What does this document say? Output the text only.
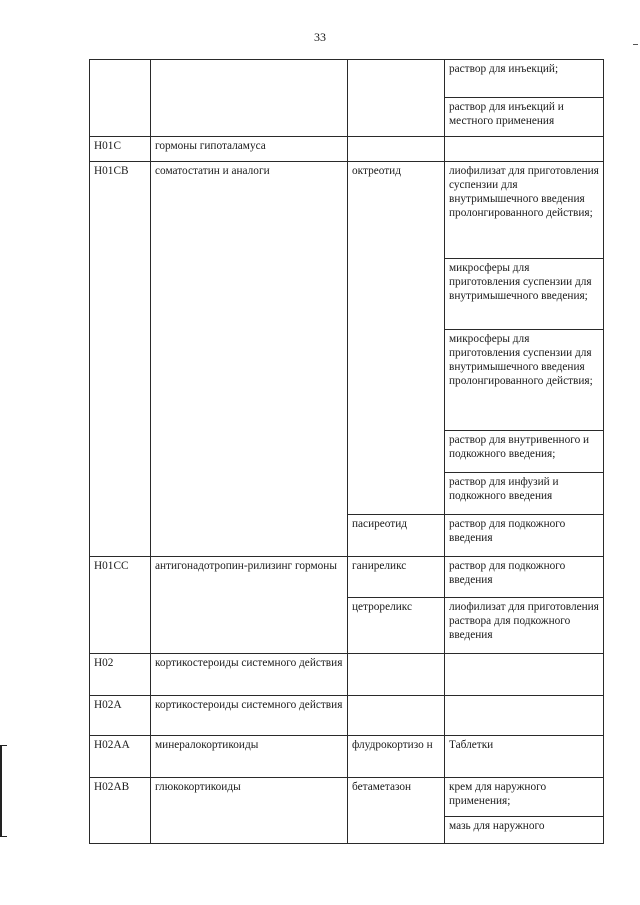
33
			раствор для инъекций;
			раствор для инъекций и местного применения
H01C	гормоны гипоталамуса		
H01CB	соматостатин и аналоги	октреотид	лиофилизат для приготовления суспензии для внутримышечного введения пролонгированного действия;
			микросферы для приготовления суспензии для внутримышечного введения;
			микросферы для приготовления суспензии для внутримышечного введения пролонгированного действия;
			раствор для внутривенного и подкожного введения;
			раствор для инфузий и подкожного введения
		пасиреотид	раствор для подкожного введения
H01CC	антигонадотропин-рилизинг гормоны	ганиреликс	раствор для подкожного введения
		цетрореликс	лиофилизат для приготовления раствора для подкожного введения
H02	кортикостероиды системного действия		
H02A	кортикостероиды системного действия		
H02AA	минералокортикоиды	флудрокортизо н	Таблетки
H02AB	глюкокортикоиды	бетаметазон	крем для наружного применения;
			мазь для наружного
